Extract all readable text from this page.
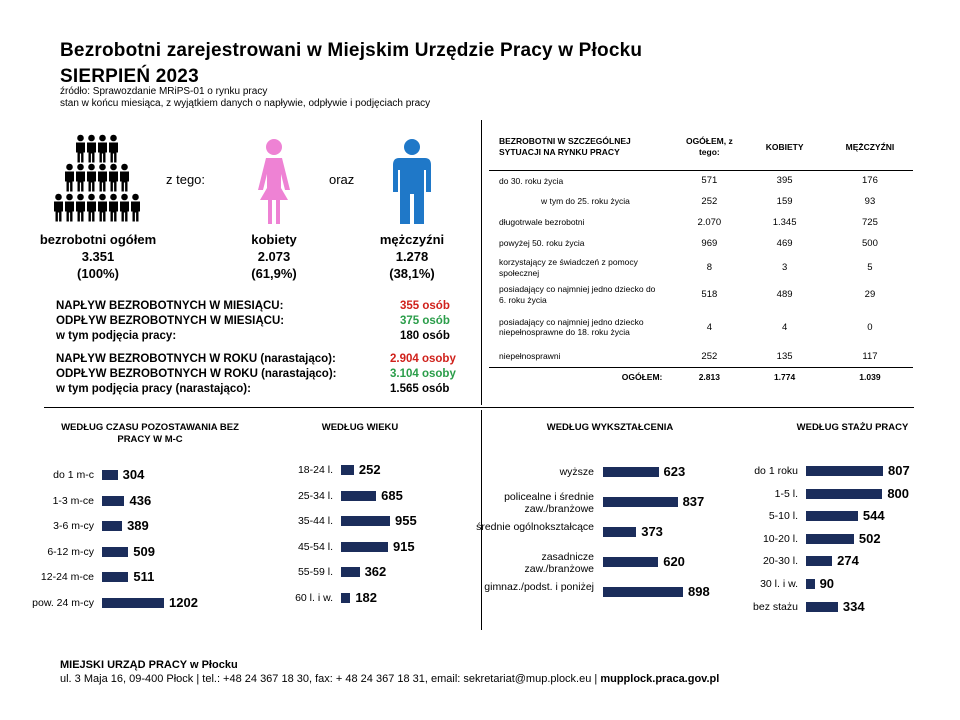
Bezrobotni zarejestrowani w Miejskim Urzędzie Pracy w Płocku
SIERPIEŃ 2023
źródło: Sprawozdanie MRiPS-01 o rynku pracy
stan w końcu miesiąca, z wyjątkiem danych o napływie, odpływie i podjęciach pracy
z tego:	oraz
bezrobotni ogółem
3.351
(100%)
kobiety
2.073
(61,9%)
mężczyźni
1.278
(38,1%)
NAPŁYW BEZROBOTNYCH W MIESIĄCU:	355 osób
ODPŁYW BEZROBOTNYCH W MIESIĄCU:	375 osób
w tym podjęcia pracy:	180 osób
NAPŁYW BEZROBOTNYCH W ROKU (narastająco):	2.904 osoby
ODPŁYW BEZROBOTNYCH W ROKU (narastająco):	3.104 osoby
w tym podjęcia pracy (narastająco):	1.565 osób
BEZROBOTNI W SZCZEGÓLNEJ SYTUACJI NA RYNKU PRACY	OGÓŁEM, z tego:	KOBIETY	MĘŻCZYŹNI
do 30. roku życia	571	395	176
w tym do 25. roku życia	252	159	93
długotrwale bezrobotni	2.070	1.345	725
powyżej 50. roku życia	969	469	500
korzystający ze świadczeń z pomocy społecznej	8	3	5
posiadający co najmniej jedno dziecko do 6. roku życia	518	489	29
posiadający co najmniej jedno dziecko niepełnosprawne do 18. roku życia	4	4	0
niepełnosprawni	252	135	117
OGÓŁEM:	2.813	1.774	1.039
WEDŁUG CZASU POZOSTAWANIA BEZ PRACY W M-C
WEDŁUG WIEKU	WEDŁUG WYKSZTAŁCENIA	WEDŁUG STAŻU PRACY
do 1 m-c 304
1-3 m-ce	436
3-6 m-cy	389
6-12 m-cy	509
12-24 m-ce	511
pow. 24 m-cy	1202
18-24 l. 252
25-34 l.	685
35-44 l.	955
45-54 l.	915
55-59 l. 362
60 l. i w. 182
wyższe	623
policealne i średnie zaw./branżowe	837
średnie ogólnokształcące	373
zasadnicze zaw./branżowe	620
gimnaz./podst. i poniżej	898
do 1 roku	807
1-5 l.	800
5-10 l.	544
10-20 l.	502
20-30 l.	274
30 l. i w. 90
bez stażu	334
MIEJSKI URZĄD PRACY w Płocku
ul. 3 Maja 16, 09-400 Płock | tel.: +48 24 367 18 30, fax: + 48 24 367 18 31, email: sekretariat@mup.plock.eu | mupplock.praca.gov.pl
